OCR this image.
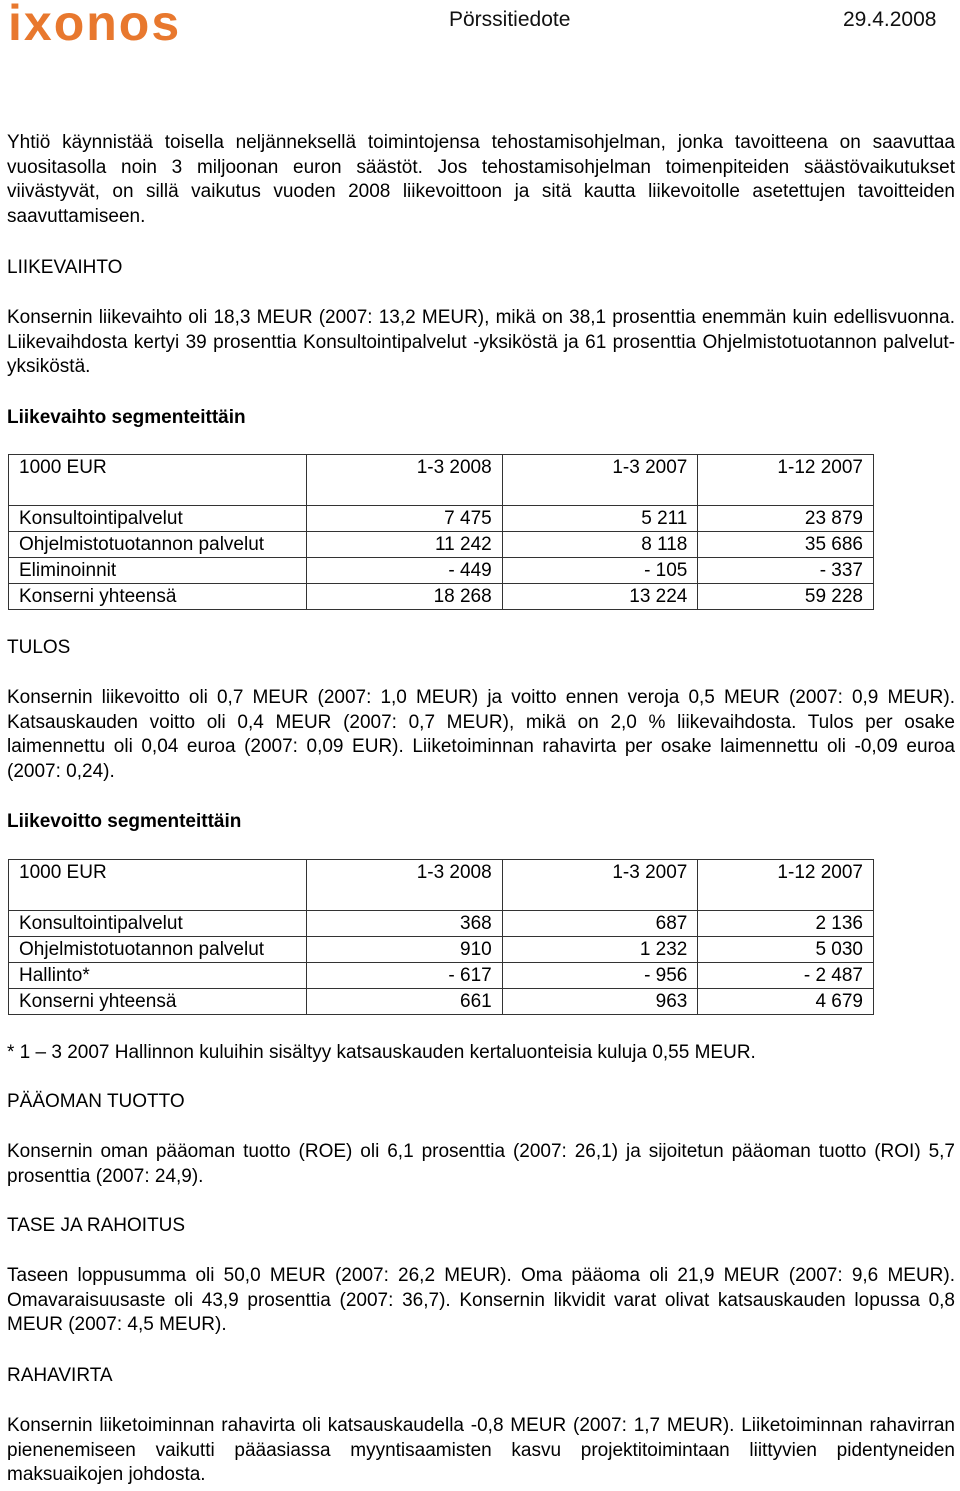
ixonos	Pörssitiedote	29.4.2008

Yhtiö käynnistää toisella neljänneksellä toimintojensa tehostamisohjelman, jonka tavoitteena on saavuttaa vuositasolla noin 3 miljoonan euron säästöt. Jos tehostamisohjelman toimenpiteiden säästövaikutukset viivästyvät, on sillä vaikutus vuoden 2008 liikevoittoon ja sitä kautta liikevoitolle asetettujen tavoitteiden saavuttamiseen.

LIIKEVAIHTO

Konsernin liikevaihto oli 18,3 MEUR (2007: 13,2 MEUR), mikä on 38,1 prosenttia enemmän kuin edellisvuonna. Liikevaihdosta kertyi 39 prosenttia Konsultointipalvelut -yksiköstä ja 61 prosenttia Ohjelmistotuotannon palvelut-yksiköstä.

Liikevaihto segmenteittäin

1000 EUR	1-3 2008	1-3 2007	1-12 2007
Konsultointipalvelut	7 475	5 211	23 879
Ohjelmistotuotannon palvelut	11 242	8 118	35 686
Eliminoinnit	- 449	- 105	- 337
Konserni yhteensä	18 268	13 224	59 228

TULOS

Konsernin liikevoitto oli 0,7 MEUR (2007: 1,0 MEUR) ja voitto ennen veroja 0,5 MEUR (2007: 0,9 MEUR). Katsauskauden voitto oli 0,4 MEUR (2007: 0,7 MEUR), mikä on 2,0 % liikevaihdosta. Tulos per osake laimennettu oli 0,04 euroa (2007: 0,09 EUR). Liiketoiminnan rahavirta per osake laimennettu oli -0,09 euroa (2007: 0,24).

Liikevoitto segmenteittäin

1000 EUR	1-3 2008	1-3 2007	1-12 2007
Konsultointipalvelut	368	687	2 136
Ohjelmistotuotannon palvelut	910	1 232	5 030
Hallinto*	- 617	- 956	- 2 487
Konserni yhteensä	661	963	4 679

* 1 – 3 2007 Hallinnon kuluihin sisältyy katsauskauden kertaluonteisia kuluja 0,55 MEUR.

PÄÄOMAN TUOTTO

Konsernin oman pääoman tuotto (ROE) oli 6,1 prosenttia (2007: 26,1) ja sijoitetun pääoman tuotto (ROI) 5,7 prosenttia (2007: 24,9).

TASE JA RAHOITUS

Taseen loppusumma oli 50,0 MEUR (2007: 26,2 MEUR). Oma pääoma oli 21,9 MEUR (2007: 9,6 MEUR). Omavaraisuusaste oli 43,9 prosenttia (2007: 36,7). Konsernin likvidit varat olivat katsauskauden lopussa 0,8 MEUR (2007: 4,5 MEUR).

RAHAVIRTA

Konsernin liiketoiminnan rahavirta oli katsauskaudella -0,8 MEUR (2007: 1,7 MEUR). Liiketoiminnan rahavirran pienenemiseen vaikutti pääasiassa myyntisaamisten kasvu projektitoimintaan liittyvien pidentyneiden maksuaikojen johdosta.
